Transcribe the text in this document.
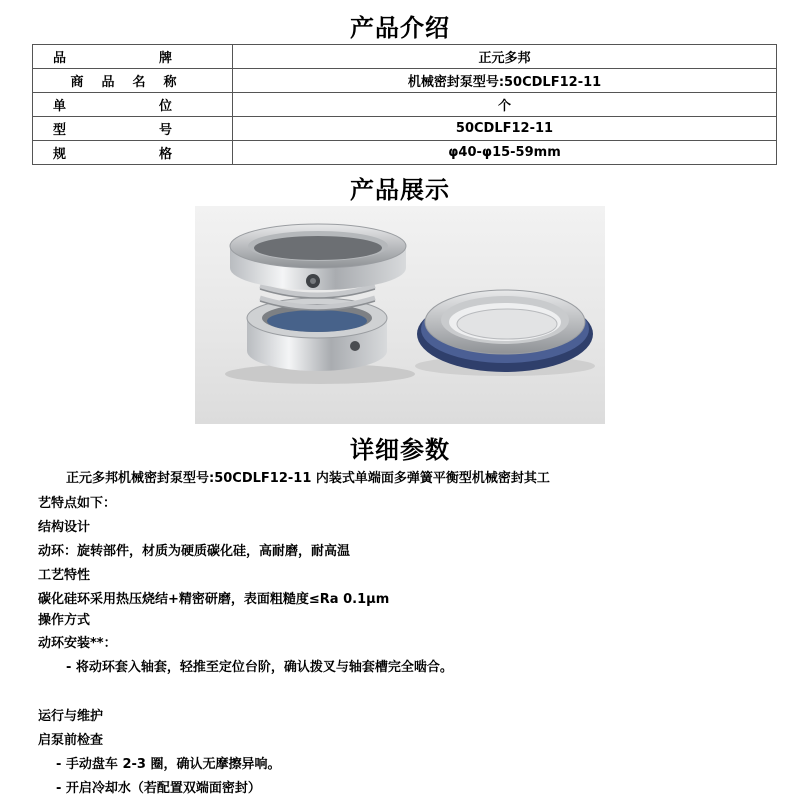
产品介绍
品　牌	正元多邦
商品名称	机械密封泵型号:50CDLF12-11
单　位	个
型　号	50CDLF12-11
规　格	φ40-φ15-59mm
产品展示
详细参数
正元多邦机械密封泵型号:50CDLF12-11 内装式单端面多弹簧平衡型机械密封其工
艺特点如下：
结构设计
动环：旋转部件，材质为硬质碳化硅，高耐磨，耐高温
工艺特性
碳化硅环采用热压烧结+精密研磨，表面粗糙度≤Ra 0.1μm
操作方式
动环安装**：
- 将动环套入轴套，轻推至定位台阶，确认拨叉与轴套槽完全啮合。
运行与维护
启泵前检查
- 手动盘车 2-3 圈，确认无摩擦异响。
- 开启冷却水（若配置双端面密封）
